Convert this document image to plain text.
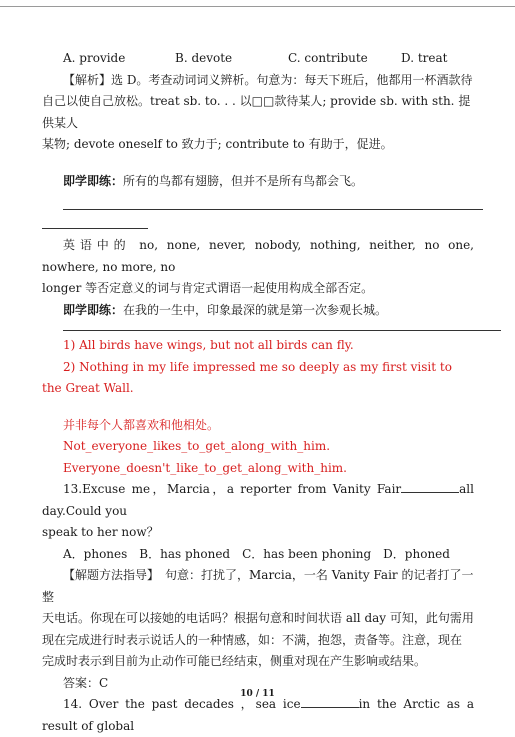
A. provide	B. devote	C. contribute	D. treat

【解析】选 D。考查动词词义辨析。句意为：每天下班后，他都用一杯酒款待

自己以使自己放松。treat sb. to. . . 以□□款待某人; provide sb. with sth. 提供某人

某物; devote oneself to 致力于; contribute to 有助于，促进。

即学即练：所有的鸟都有翅膀，但并不是所有鸟都会飞。

英语中的 no, none, never, nobody, nothing, neither, no one, nowhere, no more, no

longer 等否定意义的词与肯定式谓语一起使用构成全部否定。

即学即练：在我的一生中，印象最深的就是第一次参观长城。

1) All birds have wings, but not all birds can fly.

2) Nothing in my life impressed me so deeply as my first visit to the Great Wall.

并非每个人都喜欢和他相处。

Not_everyone_likes_to_get_along_with_him.

Everyone_doesn't_like_to_get_along_with_him.

13.Excuse me，Marcia，a reporter from Vanity Fair	all day.Could you

speak to her now？

A．phones　B．has phoned　C．has been phoning　D．phoned

【解题方法指导】　句意：打扰了，Marcia，一名 Vanity Fair 的记者打了一整

天电话。你现在可以接她的电话吗？根据句意和时间状语 all day 可知，此句需用

现在完成进行时表示说话人的一种情感，如：不满，抱怨，责备等。注意，现在

完成时表示到目前为止动作可能已经结束，侧重对现在产生影响或结果。

答案：C

14. Over the past decades ，sea ice	in the Arctic as a result of global

10 / 11
